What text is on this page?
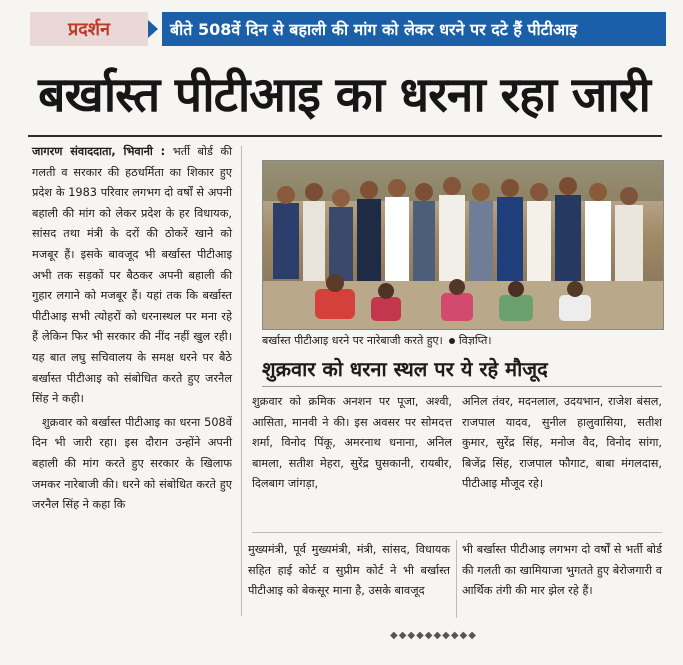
प्रदर्शन	बीते 508वें दिन से बहाली की मांग को लेकर धरने पर दटे हैं पीटीआइ
बर्खास्त पीटीआइ का धरना रहा जारी

जागरण संवाददाता, भिवानी : भर्ती बोर्ड की गलती व सरकार की हठधर्मिता का शिकार हुए प्रदेश के 1983 परिवार लगभग दो वर्षों से अपनी बहाली की मांग को लेकर प्रदेश के हर विधायक, सांसद तथा मंत्री के दरों की ठोकरें खाने को मजबूर हैं। इसके बावजूद भी बर्खास्त पीटीआइ अभी तक सड़कों पर बैठकर अपनी बहाली की गुहार लगाने को मजबूर हैं। यहां तक कि बर्खास्त पीटीआइ सभी त्योहरों को धरनास्थल पर मना रहे हैं लेकिन फिर भी सरकार की नींद नहीं खुल रही। यह बात लघु सचिवालय के समक्ष धरने पर बैठे बर्खास्त पीटीआइ को संबोधित करते हुए जरनैल सिंह ने कही।

शुक्रवार को बर्खास्त पीटीआइ का धरना 508वें दिन भी जारी रहा। इस दौरान उन्होंने अपनी बहाली की मांग करते हुए सरकार के खिलाफ जमकर नारेबाजी की। धरने को संबोधित करते हुए जरनैल सिंह ने कहा कि

बर्खास्त पीटीआइ धरने पर नारेबाजी करते हुए। विज्ञप्ति।
शुक्रवार को धरना स्थल पर ये रहे मौजूद
शुक्रवार को क्रमिक अनशन पर पूजा, अश्वी, आसिता, मानवी ने की। इस अवसर पर सोमदत्त शर्मा, विनोद पिंकू, अमरनाथ धनाना, अनिल बामला, सतीश मेहरा, सुरेंद्र घुसकानी, रायबीर, दिलबाग जांगड़ा,
अनिल तंवर, मदनलाल, उदयभान, राजेश बंसल, राजपाल यादव, सुनील हालुवासिया, सतीश कुमार, सुरेंद्र सिंह, मनोज वैद, विनोद सांगा, बिजेंद्र सिंह, राजपाल फौगाट, बाबा मंगलदास, पीटीआइ मौजूद रहे।
मुख्यमंत्री, पूर्व मुख्यमंत्री, मंत्री, सांसद, विधायक सहित हाई कोर्ट व सुप्रीम कोर्ट ने भी बर्खास्त पीटीआइ को बेकसूर माना है, उसके बावजूद
भी बर्खास्त पीटीआइ लगभग दो वर्षों से भर्ती बोर्ड की गलती का खामियाजा भुगतते हुए बेरोजगारी व आर्थिक तंगी की मार झेल रहे हैं।
◆◆◆◆◆◆◆◆◆◆
